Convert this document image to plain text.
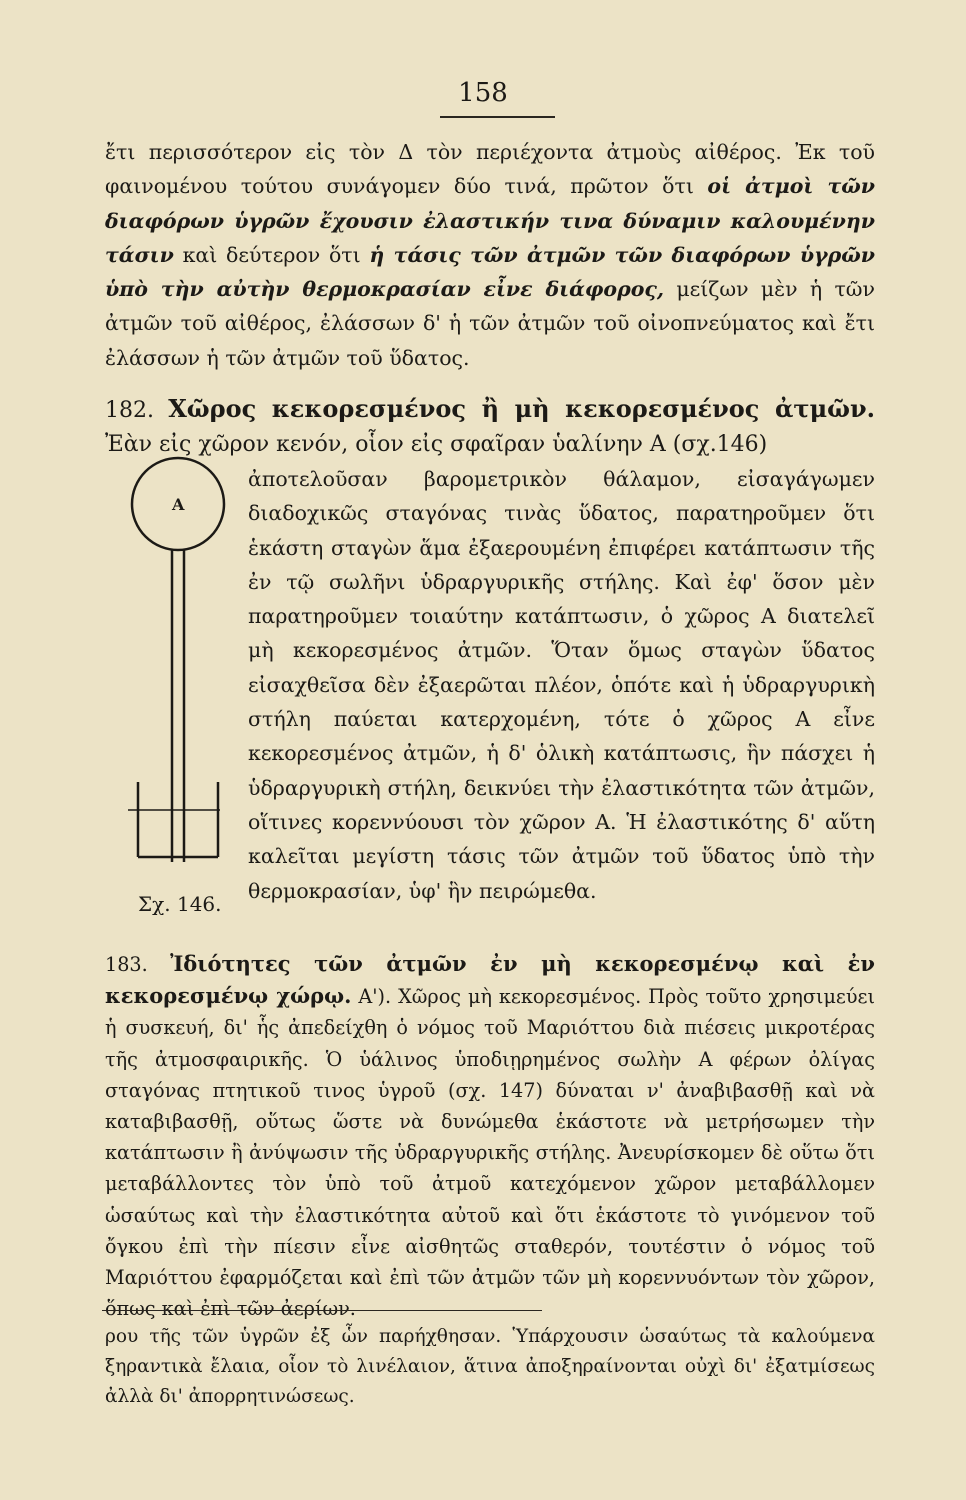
158
ἔτι περισσότερον εἰς τὸν Δ τὸν περιέχοντα ἀτμοὺς αἰθέρος. Ἐκ τοῦ φαινομένου τούτου συνάγομεν δύο τινά, πρῶτον ὅτι οἱ ἀτμοὶ τῶν διαφόρων ὑγρῶν ἔχουσιν ἐλαστικήν τινα δύναμιν καλουμένην τάσιν καὶ δεύτερον ὅτι ἡ τάσις τῶν ἀτμῶν τῶν διαφόρων ὑγρῶν ὑπὸ τὴν αὐτὴν θερμοκρασίαν εἶνε διάφορος, μείζων μὲν ἡ τῶν ἀτμῶν τοῦ αἰθέρος, ἐλάσσων δ' ἡ τῶν ἀτμῶν τοῦ οἰνοπνεύματος καὶ ἔτι ἐλάσσων ἡ τῶν ἀτμῶν τοῦ ὕδατος.
182. Χῶρος κεκορεσμένος ἢ μὴ κεκορεσμένος ἀτμῶν. Ἐὰν εἰς χῶρον κενόν, οἷον εἰς σφαῖραν ὑαλίνην Α (σχ.146)
A
ἀποτελοῦσαν βαρομετρικὸν θάλαμον, εἰσαγάγωμεν διαδοχικῶς σταγόνας τινὰς ὕδατος, παρατηροῦμεν ὅτι ἑκάστη σταγὼν ἅμα ἐξαερουμένη ἐπιφέρει κατάπτωσιν τῆς ἐν τῷ σωλῆνι ὑδραργυρικῆς στήλης. Καὶ ἐφ' ὅσον μὲν παρατηροῦμεν τοιαύτην κατάπτωσιν, ὁ χῶρος Α διατελεῖ μὴ κεκορεσμένος ἀτμῶν. Ὅταν ὅμως σταγὼν ὕδατος εἰσαχθεῖσα δὲν ἐξαερῶται πλέον, ὁπότε καὶ ἡ ὑδραργυρικὴ στήλη παύεται κατερχομένη, τότε ὁ χῶρος Α εἶνε κεκορεσμένος ἀτμῶν, ἡ δ' ὁλικὴ κατάπτωσις, ἣν πάσχει ἡ ὑδραργυρικὴ στήλη, δεικνύει τὴν ἐλαστικότητα τῶν ἀτμῶν, οἵτινες κορεννύουσι τὸν χῶρον Α. Ἡ ἐλαστικότης δ' αὕτη καλεῖται μεγίστη τάσις τῶν ἀτμῶν τοῦ ὕδατος ὑπὸ τὴν θερμοκρασίαν, ὑφ' ἣν πειρώμεθα.
Σχ. 146.
183. Ἰδιότητες τῶν ἀτμῶν ἐν μὴ κεκορεσμένῳ καὶ ἐν κεκορεσμένῳ χώρῳ. Α'). Χῶρος μὴ κεκορεσμένος. Πρὸς τοῦτο χρησιμεύει ἡ συσκευή, δι' ἧς ἀπεδείχθη ὁ νόμος τοῦ Μαριόττου διὰ πιέσεις μικροτέρας τῆς ἀτμοσφαιρικῆς. Ὁ ὑάλινος ὑποδιῃρημένος σωλὴν Α φέρων ὀλίγας σταγόνας πτητικοῦ τινος ὑγροῦ (σχ. 147) δύναται ν' ἀναβιβασθῇ καὶ νὰ καταβιβασθῇ, οὕτως ὥστε νὰ δυνώμεθα ἑκάστοτε νὰ μετρήσωμεν τὴν κατάπτωσιν ἢ ἀνύψωσιν τῆς ὑδραργυρικῆς στήλης. Ἀνευρίσκομεν δὲ οὕτω ὅτι μεταβάλλοντες τὸν ὑπὸ τοῦ ἀτμοῦ κατεχόμενον χῶρον μεταβάλλομεν ὡσαύτως καὶ τὴν ἐλαστικότητα αὐτοῦ καὶ ὅτι ἑκάστοτε τὸ γινόμενον τοῦ ὄγκου ἐπὶ τὴν πίεσιν εἶνε αἰσθητῶς σταθερόν, τουτέστιν ὁ νόμος τοῦ Μαριόττου ἐφαρμόζεται καὶ ἐπὶ τῶν ἀτμῶν τῶν μὴ κορεννυόντων τὸν χῶρον, ὅπως καὶ ἐπὶ τῶν ἀερίων.
ρου τῆς τῶν ὑγρῶν ἐξ ὧν παρήχθησαν. Ὑπάρχουσιν ὡσαύτως τὰ καλούμενα ξηραντικὰ ἔλαια, οἷον τὸ λινέλαιον, ἅτινα ἀποξηραίνονται οὐχὶ δι' ἐξατμίσεως ἀλλὰ δι' ἀπορρητινώσεως.
